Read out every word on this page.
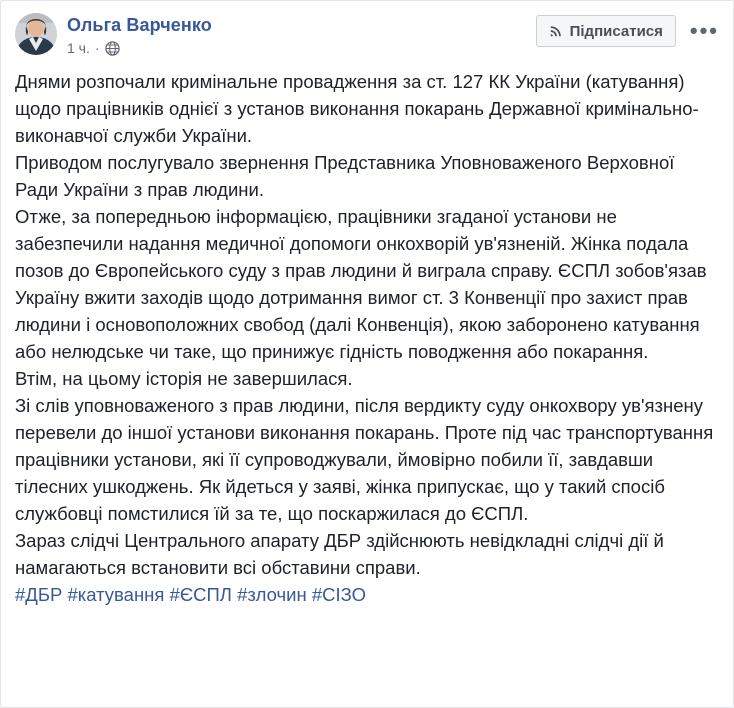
Ольга Варченко
1 ч. ·
Підписатися •••

Днями розпочали кримінальне провадження за ст. 127 КК України (катування) щодо працівників однієї з установ виконання покарань Державної кримінально-виконавчої служби України.

Приводом послугувало звернення Представника Уповноваженого Верховної Ради України з прав людини.

Отже, за попередньою інформацією, працівники згаданої установи не забезпечили надання медичної допомоги онкохворій ув'язненій. Жінка подала позов до Європейського суду з прав людини й виграла справу. ЄСПЛ зобов'язав Україну вжити заходів щодо дотримання вимог ст. 3 Конвенції про захист прав людини і основоположних свобод (далі Конвенція), якою заборонено катування або нелюдське чи таке, що принижує гідність поводження або покарання.

Втім, на цьому історія не завершилася.

Зі слів уповноваженого з прав людини, після вердикту суду онкохвору ув'язнену перевели до іншої установи виконання покарань. Проте під час транспортування працівники установи, які її супроводжували, ймовірно побили її, завдавши тілесних ушкоджень. Як йдеться у заяві, жінка припускає, що у такий спосіб службовці помстилися їй за те, що поскаржилася до ЄСПЛ.

Зараз слідчі Центрального апарату ДБР здійснюють невідкладні слідчі дії й намагаються встановити всі обставини справи.

#ДБР #катування #ЄСПЛ #злочин #СІЗО
